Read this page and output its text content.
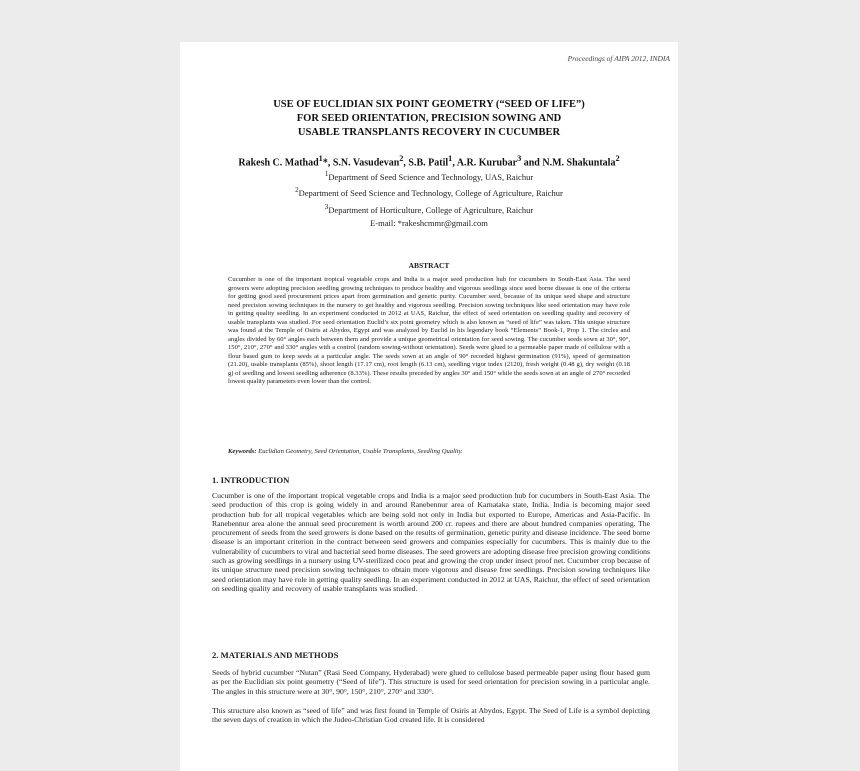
Proceedings of AIPA 2012, INDIA
USE OF EUCLIDIAN SIX POINT GEOMETRY (“SEED OF LIFE”)
FOR SEED ORIENTATION, PRECISION SOWING AND
USABLE TRANSPLANTS RECOVERY IN CUCUMBER
Rakesh C. Mathad$^1$*, S.N. Vasudevan$^2$, S.B. Patil$^1$, A.R. Kurubar$^3$ and N.M. Shakuntala$^2$
$^1$Department of Seed Science and Technology, UAS, Raichur
$^2$Department of Seed Science and Technology, College of Agriculture, Raichur
$^3$Department of Horticulture, College of Agriculture, Raichur
E-mail: *rakeshcmmr@gmail.com
ABSTRACT
Cucumber is one of the important tropical vegetable crops and India is a major seed production hub for cucumbers in South-East Asia. The seed growers were adopting precision seedling growing techniques to produce healthy and vigorous seedlings since seed borne disease is one of the criteria for getting good seed procurement prices apart from germination and genetic purity. Cucumber seed, because of its unique seed shape and structure need precision sowing techniques in the nursery to get healthy and vigorous seedling. Precision sowing techniques like seed orientation may have role in getting quality seedling. In an experiment conducted in 2012 at UAS, Raichur, the effect of seed orientation on seedling quality and recovery of usable transplants was studied. For seed orientation Euclid’s six point geometry which is also known as “seed of life” was taken. This unique structure was found at the Temple of Osiris at Abydos, Egypt and was analyzed by Euclid in his legendary book “Elements” Book-1, Prop 1. The circles and angles divided by 60° angles each between them and provide a unique geometrical orientation for seed sowing. The cucumber seeds sown at 30°, 90°, 150°, 210°, 270° and 330° angles with a control (random sowing-without orientation). Seeds were glued to a permeable paper made of cellulose with a flour based gum to keep seeds at a particular angle. The seeds sown at an angle of 90° recorded highest germination (91%), speed of germination (21.20), usable transplants (85%), shoot length (17.17 cm), root length (6.13 cm), seedling vigor index (2120), fresh weight (0.48 g), dry weight (0.18 g) of seedling and lowest seedling adherence (8.33%). These results preceded by angles 30° and 150° while the seeds sown at an angle of 270° recorded lowest quality parameters even lower than the control.
Keywords: Euclidian Geometry, Seed Orientation, Usable Transplants, Seedling Quality.
1. INTRODUCTION
Cucumber is one of the important tropical vegetable crops and India is a major seed production hub for cucumbers in South-East Asia. The seed production of this crop is going widely in and around Ranebennur area of Karnataka state, India. India is becoming major seed production hub for all tropical vegetables which are being sold not only in India but exported to Europe, Americas and Asia-Pacific. In Ranebennur area alone the annual seed procurement is worth around 200 cr. rupees and there are about hundred companies operating. The procurement of seeds from the seed growers is done based on the results of germination, genetic purity and disease incidence. The seed borne disease is an important criterion in the contract between seed growers and companies especially for cucumbers. This is mainly due to the vulnerability of cucumbers to viral and bacterial seed borne diseases. The seed growers are adopting disease free precision growing conditions such as growing seedlings in a nursery using UV-sterilized coco peat and growing the crop under insect proof net. Cucumber crop because of its unique structure need precision sowing techniques to obtain more vigorous and disease free seedlings. Precision sowing techniques like seed orientation may have role in getting quality seedling. In an experiment conducted in 2012 at UAS, Raichur, the effect of seed orientation on seedling quality and recovery of usable transplants was studied.
2. MATERIALS AND METHODS
Seeds of hybrid cucumber “Nutan” (Rasi Seed Company, Hyderabad) were glued to cellulose based permeable paper using flour based gum as per the Euclidian six point geometry (“Seed of life”). This structure is used for seed orientation for precision sowing in a particular angle. The angles in this structure were at 30°, 90°, 150°, 210°, 270° and 330°.
This structure also known as “seed of life” and was first found in Temple of Osiris at Abydos, Egypt. The Seed of Life is a symbol depicting the seven days of creation in which the Judeo-Christian God created life. It is considered
